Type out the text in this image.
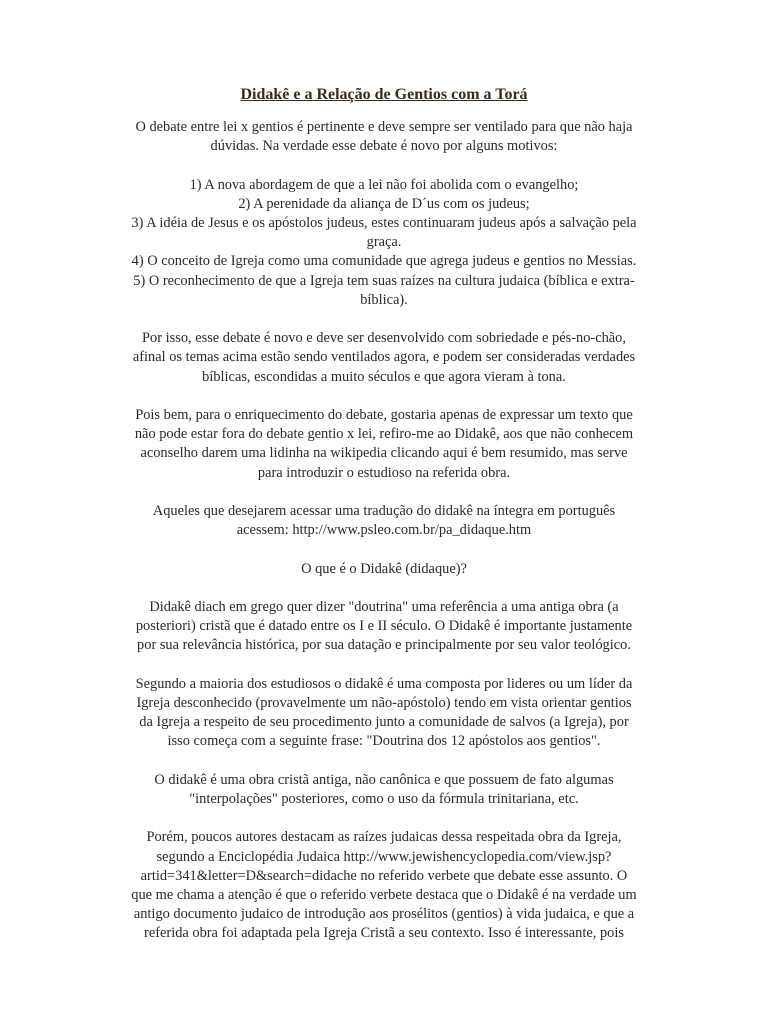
Didakê e a Relação de Gentios com a Torá

O debate entre lei x gentios é pertinente e deve sempre ser ventilado para que não haja
dúvidas. Na verdade esse debate é novo por alguns motivos:

1) A nova abordagem de que a lei não foi abolida com o evangelho;
2) A perenidade da aliança de D´us com os judeus;
3) A idéia de Jesus e os apóstolos judeus, estes continuaram judeus após a salvação pela
graça.
4) O conceito de Igreja como uma comunidade que agrega judeus e gentios no Messias.
5) O reconhecimento de que a Igreja tem suas raízes na cultura judaica (bíblica e extra-
bíblica).

Por isso, esse debate é novo e deve ser desenvolvido com sobriedade e pés-no-chão,
afinal os temas acima estão sendo ventilados agora, e podem ser consideradas verdades
bíblicas, escondidas a muito séculos e que agora vieram à tona.

Pois bem, para o enriquecimento do debate, gostaria apenas de expressar um texto que
não pode estar fora do debate gentio x lei, refiro-me ao Didakê, aos que não conhecem
aconselho darem uma lidinha na wikipedia clicando aqui é bem resumido, mas serve
para introduzir o estudioso na referida obra.

Aqueles que desejarem acessar uma tradução do didakê na íntegra em português
acessem: http://www.psleo.com.br/pa_didaque.htm

O que é o Didakê (didaque)?

Didakê diach em grego quer dizer "doutrina" uma referência a uma antiga obra (a
posteriori) cristã que é datado entre os I e II século. O Didakê é importante justamente
por sua relevância histórica, por sua datação e principalmente por seu valor teológico.

Segundo a maioria dos estudiosos o didakê é uma composta por lideres ou um líder da
Igreja desconhecido (provavelmente um não-apóstolo) tendo em vista orientar gentios
da Igreja a respeito de seu procedimento junto a comunidade de salvos (a Igreja), por
isso começa com a seguinte frase: "Doutrina dos 12 apóstolos aos gentios".

O didakê é uma obra cristã antiga, não canônica e que possuem de fato algumas
"interpolações" posteriores, como o uso da fórmula trinitariana, etc.

Porém, poucos autores destacam as raízes judaicas dessa respeitada obra da Igreja,
segundo a Enciclopédia Judaica http://www.jewishencyclopedia.com/view.jsp?
artid=341&letter=D&search=didache no referido verbete que debate esse assunto. O
que me chama a atenção é que o referido verbete destaca que o Didakê é na verdade um
antigo documento judaico de introdução aos prosélitos (gentios) à vida judaica, e que a
referida obra foi adaptada pela Igreja Cristã a seu contexto. Isso é interessante, pois
